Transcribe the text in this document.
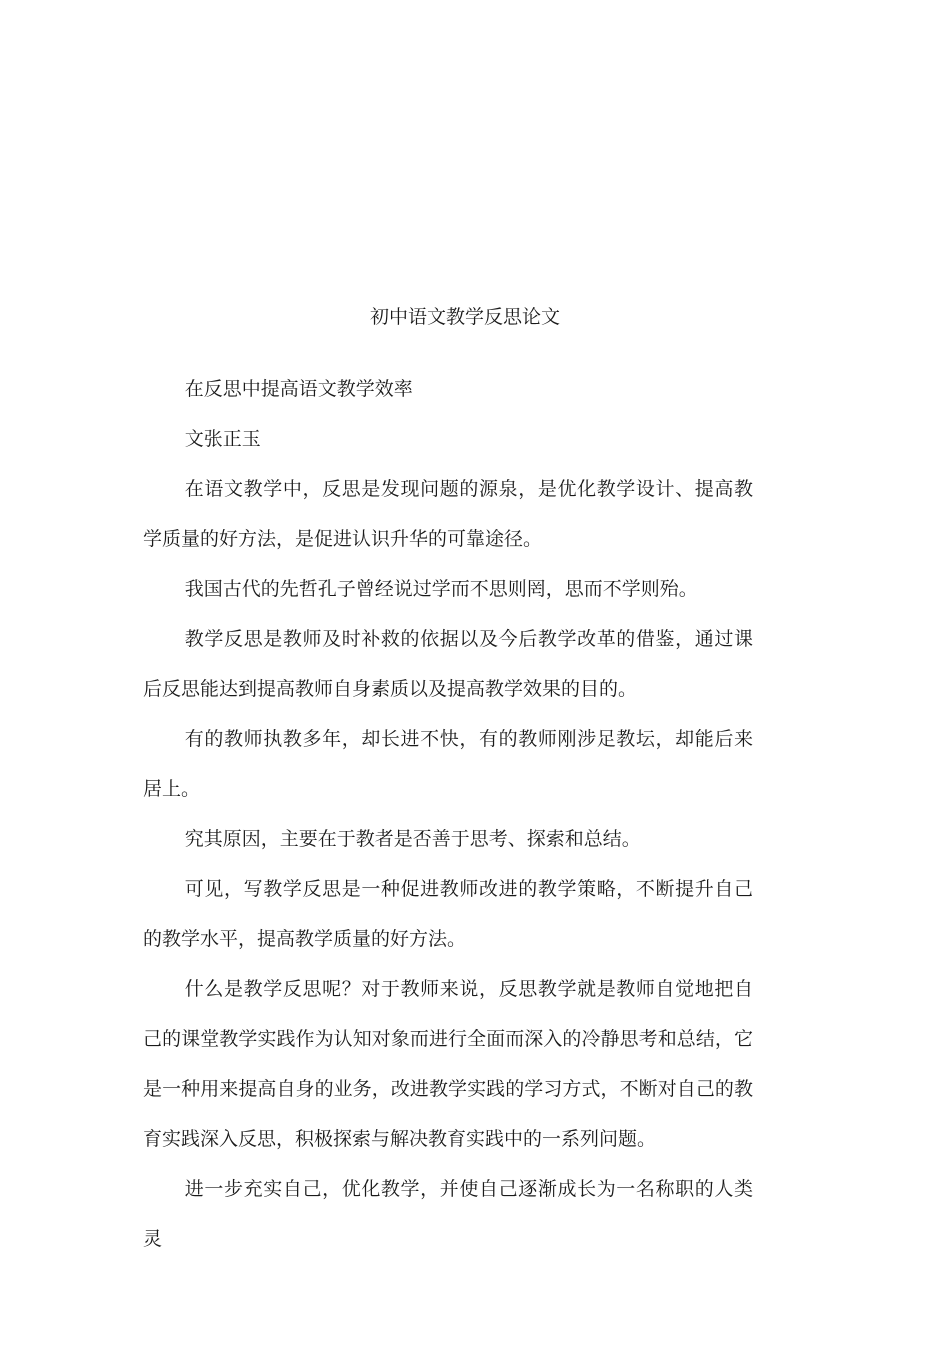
初中语文教学反思论文

在反思中提高语文教学效率

文张正玉

在语文教学中，反思是发现问题的源泉，是优化教学设计、提高教学质量的好方法，是促进认识升华的可靠途径。

我国古代的先哲孔子曾经说过学而不思则罔，思而不学则殆。

教学反思是教师及时补救的依据以及今后教学改革的借鉴，通过课后反思能达到提高教师自身素质以及提高教学效果的目的。

有的教师执教多年，却长进不快，有的教师刚涉足教坛，却能后来居上。

究其原因，主要在于教者是否善于思考、探索和总结。

可见，写教学反思是一种促进教师改进的教学策略，不断提升自己的教学水平，提高教学质量的好方法。

什么是教学反思呢？对于教师来说，反思教学就是教师自觉地把自己的课堂教学实践作为认知对象而进行全面而深入的冷静思考和总结，它是一种用来提高自身的业务，改进教学实践的学习方式，不断对自己的教育实践深入反思，积极探索与解决教育实践中的一系列问题。

进一步充实自己，优化教学，并使自己逐渐成长为一名称职的人类灵
